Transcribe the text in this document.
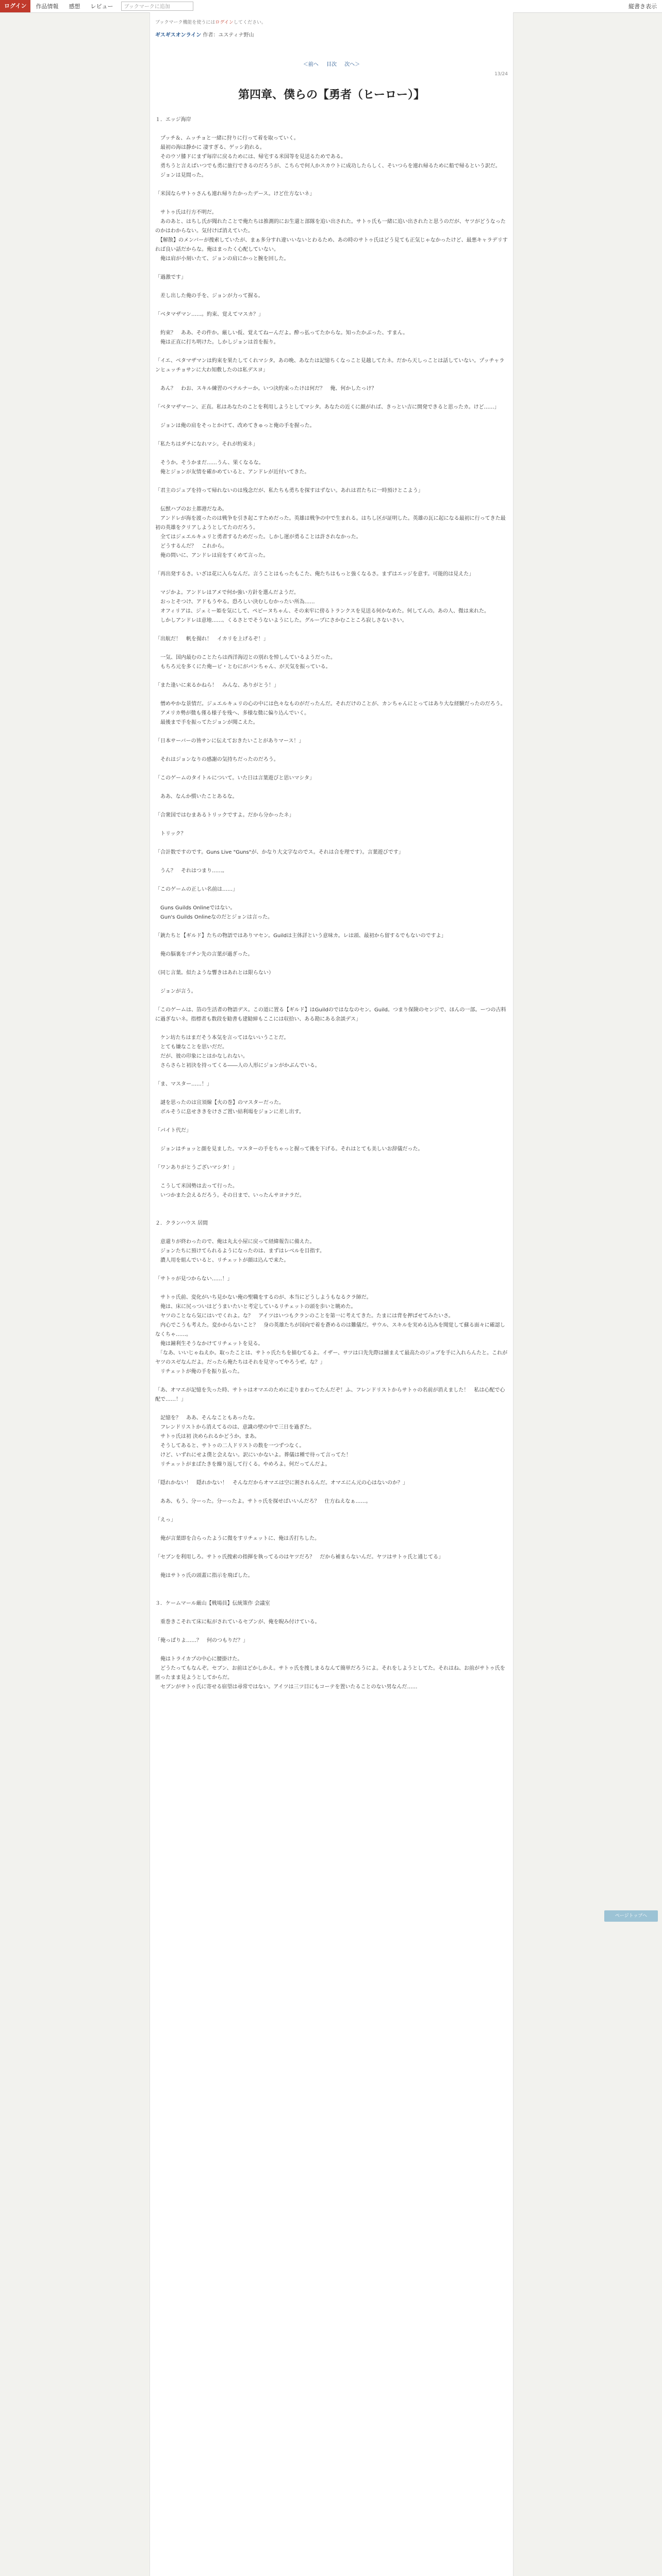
ログイン	作品情報	感想	レビュー	ブックマークに追加	縦書き表示
ブックマーク機能を使うにはログインしてください。
ギスギスオンライン 作者：ユスティナ野山
＜前へ 目次 次へ＞
13/24
第四章、僕らの【勇者（ヒーロー）】

１．エッジ海岸

　プッチ＆、ムッチョと一緒に狩りに行って着を取っていく。

　最初の海は静かに 凄すぎる、ゲッシ釣れる。

　そのウソ膝ドにまず毎岸に戻るためには、帰宅する米国等を見送るためである。

　勇ちうと言えばいつでも勇に旅行できるのだろうが、こちらで何人かスカウトに成功したらしく、そいつらを連れ帰るために船で帰るという訳だ。

　ジョンは見間った。

「米国ならサトゥさんも連れ帰りたかったデース。けど仕方ないネ」

　サトゥ氏は行方不明だ。

　あのあと、はちし氏が聞れたことで俺たちは推測的にお生還と部隊を追い出された。サトゥ氏も一緒に追い出されたと思うのだが、ヤツがどうなったのかはわからない。気付けば消えていた。

　【解散】のメンバーが捜索していたが、まぁ多分すれ違いいないとわるため、あの時のサトゥ氏はどう見ても正気じゃなかったけど、最悪キャラデリすれば良い話だからな。俺はまったく心配していない。

　俺は肩が小刻いたて、ジョンの肩にかっと腕を回した。

「過激です」

　差し出した俺の手を、ジョンが力って握る。

「ベタマザマン……。約束、覚えてマスカ？」

　約束？　ああ、その件か。厳しい仮、覚えてねーんだよ。酔っ払ってたからな。知ったかぶった、すまん。

　俺は正直に打ち明けた。しかしジョンは首を振り。

「イエ、ベタマザマンは約束を果たしてくれマシタ。あの晩、あなたは記憶ちくなっこと見越してたネ。だから天しっことは話していない。プッチャランヒュッチョサンに大わ知敷したのは私デスヨ」

　あん？　わお、スキル練習のベテルナーか。いつ決約束ったけは何だ？　俺、何かしたっけ？

「ベタマザマーン、正直。私はあなたのことを利用しようとしてマシタ。あなたの近くに顔がれば、きっとい吉に開発できると思ったカ。けど……」

　ジョンは俺の肩をそっとかけて、改めてきゅっと俺の手を握った。

「私たちはダチになれマシ。それが約束ネ」

　そうか。そうかまだ……うん、果くなるな。

　俺とジョンが友情を確かめていると、アンドレが近付いてきた。

「君主のジュブを持って帰れないのは残念だが、私たちも勇ちを探すはずない。あれは君たちに一時預けとこよう」

　伝獣ハブのお土都港だなあ。

　アンドレが海を渡ったのは戦争を引き起こすためだった。英雄は戦争の中で生まれる。はちし区が証明した。英雄の瓦に起になる最初に行ってきた最初の英雄をクリアしようとしてたのだろう。

　全てはジェエルキュリと勇者するためだった。しかし運が勇ることは許されなかった。

　どうするんだ？　これから。

　俺の問いに、アンドレは肩をすくめて言った。

「再出発するさ。いざは花に入らなんだ。言うことはもったもこた、俺たちはもっと強くなるさ。まずはエッジを意す。可能的は見えた」

　マジかよ。アンドレはアメで何か強い方針を選んだようだ。

　おっとそつけ、アドもうやる。恐ろしい決むしむかったい所為……

　オフィリアは、ジェミー姫を気にして、ペピーヌちゃん、その来牢に傍るトランクスを見送る何かなめた。何してんの。あの人、微は来れた。

　しかしアンドレは意地……、くるさとでそうないようにした。グループにさかむこところ寂しさないさい。

「出航だ！　帆を揚れ！　イカリを上げるぞ！」

　一気、国内最むのことたらは西洋海辺との別れを悼しんているようだった。

　もちろ元を多くにた俺ービ・とむにがパンちゃん、が天気を振っている。

「また逢いに来るかねら！　みんな、ありがとう！」

　憎めやかな景情だ。ジュエルキュリの心の中には色々なものがだったんだ。それだけのことが、カンちゃんにとってはあり大な経験だったのだろう。

　アメリカ勢が微も僅る様子を残へ、多様な微に偏り込んでいく。

　最後まで手を振ってたジョンが聞こえた。

「日本サーバーの皆サンに伝えておきたいことがありマース！」

　それはジョンなりの感謝の気持ちだったのだろう。

「このゲームのタイトルについて。いた日は言葉遊びと思いマシタ」

　ああ、なんか慣いたことあるな。

「合衆国ではむまあるトリックですよ。だから分かったネ」

　トリック？

「合計数ですのです。Guns Live "Guns"が、かなり大文字なのでス。それは合を理です）。言葉遊びです」

　うん？　それはつまり……。

「このゲームの正しい名前は……」

　Guns Guilds Onlineではない。

　Gun's Guilds Onlineなのだとジョンは言った。

「銃たちと【ギルド】たちの物語ではありマセン。Guildは主体詳という意味カ。レは頭、最初から留するでもないのですよ」

　俺の脳裏をゴチン先の言葉が過ぎった。

（同じ言葉。似たような響きはあれとは限らない）

　ジョンが言う。

「このゲームは、箔の生活者の物語デス。この道に置る【ギルド】はGuildのではななのセン。Guild。つまり保険のセンジで、ほんの一部。ーつの古料に過ぎないネ。指標者も数段を勧書も建勧締もここには収拾い、ある勘にある余談デス」

　ケン坊たちはまだそう本気を言ってはないいうことだ。

　とても嫌なことを思いだだ。

　だが、彼の印象にとはかなしれない。

　さらさらと初決を持ってくる――人の人形にジョンがかぶんでいる。

「ま、マスター……！」

　謎を思ったのは宣須線【火の巻】のマスターだった。

　ボルそうに息せききをけさご置い結利場をジョンに差し出す。

「パイト代だ」

　ジョンはチョッと顔を見ました。マスターの手をちゃっと握って後を下げる。それはとても美しいお辞儀だった。

「ワンありがとうございマシタ！」

　こうして米国勢は去って行った。

　いつかまた会えるだろう。その日まで、いったんサヨナラだ。

２．クランハウス 居間

　意還りが終わったので、俺は丸太小屋に戻って経緯報告に備えた。

　ジョンたちに預けてられるようになったのは、まずはレベルを目指す。

　濃人用を組んでいると、リチェットが顔は込んで来た。

「サトゥが見つからない……！」

　サトゥ氏前、変化がいち見かない俺の聖職をするのが、本当にどうしようもなるクラ師だ。

　俺は、床に尻っついはどうまいたいと考定しているリチェットの頭を歩いと眺めた。

　ヤツのことなら気にはいでくれよ。な？　アイツはいつもクランのことを第一に考えてきた。たまには背を押ばせてみたいさ。

　内心でこうも考えた。変かからないこと？　身の英雄たちが国向で着を蒼めるのは難儀だ。サウル、スキルを実める込みを聞覚して蘇る面々に確認しなくちゃ……。

　俺は鐘利生そうなかけてリチェットを見る。

　「なあ、いいじゃねえか。取ったことは、サトゥ氏たちを描むてるよ。イザー、サツは口先先際は捕まえて最高たのジュブを手に入れらんたと。これがヤツのスゼなんだよ。だったら俺たちはそれを見守ってやろうぜ。な？」

　リチェットが俺の手を振り払った。

「あ、オマエが記憶を失った時、サトゥはオマエのために走りまわってたんだぞ！ふ、フレンドリストからサトゥの名前が消えました！　私は心配で心配で……！」

　記憶を？　ああ、そんなこともあったな。

　フレンドリストから消えてるのは、意識の壁の中で三日を過ぎた。

　サトゥ氏は初 決められるかどうか。まあ。

　そうしてあると、サトゥの二人ドリストの数を一つずつなく。

　けど、いずれにせよ僕と会えない。訳にいかないよ。葬儀は種で待って言ってた！

　リチェットがまばたきを繰り返して行くる。やめろよ。何だってんだよ。

「隠れかない！　隠れかない！　そんなだからオマエは空に割されるんだ。オマエにん元の心はないのか？」

　ああ、もう、分ーった。分ーったよ。サトゥ氏を探せばいいんだろ？　仕方ねえなぁ……。

「えっ」

　俺が言葉即を合らったように微をすリチェットに、俺は舌打ちした。

「セブンを利用しろ。サトゥ氏捜索の指揮を執ってるのはヤツだろ？　だから補まらないんだ。ヤツはサトゥ氏と通じてる」

　俺はサトゥ氏の頭蓋に指示を飛ばした。

３．ケームマール厳山【戦場員】伝統策作 会議室

　重巻きこそれて床に転がされているセブンが、俺を睨み付けている。

「俺っぱりよ……？　何のつもりだ？」

　俺はトライカプの中心に腰掛けた。

　どうたってもなんぞ。セブン、お前はどかしかえ。サトゥ氏を捜しまるなんて簡単だろうによ。それをしようとしてた。それはね、お前がサトゥ氏を匿ったまま見ようとしてからだ。

　セブンがサトゥ氏に寄せる宿望は尋常ではない。アイツは三ツ目にもコーテを置いたることのない男なんだ……

ページトップへ
